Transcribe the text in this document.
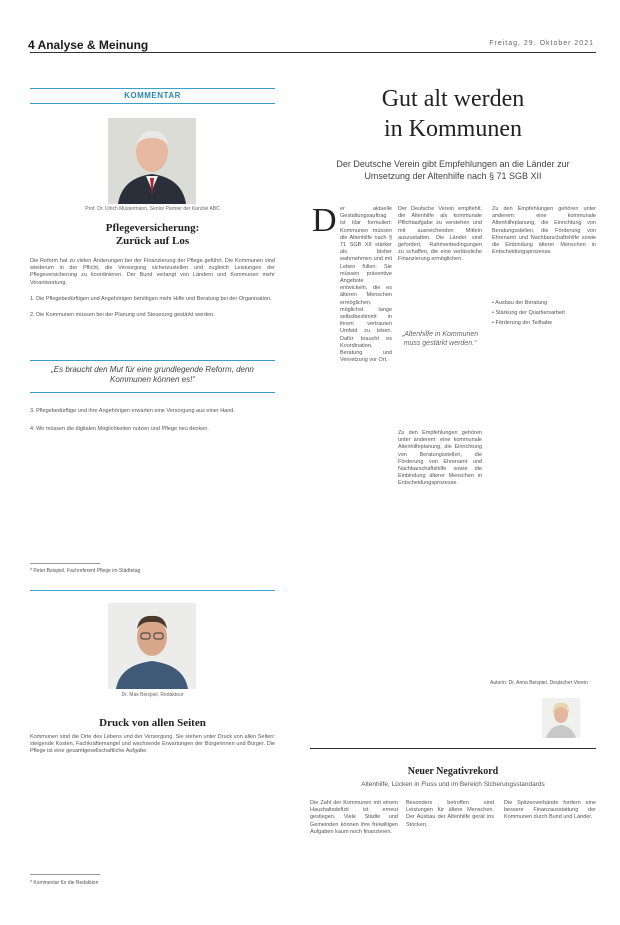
4 Analyse & Meinung	Freitag, 29. Oktober 2021
KOMMENTAR
Prof. Dr. Ulrich Mustermann, Senior Partner der Kanzlei ABC
Pflegeversicherung:
Zurück auf Los
Die Reform hat zu vielen Änderungen bei der Finanzierung der Pflege geführt. Die Kommunen sind wiederum in der Pflicht, die Versorgung sicherzustellen und zugleich Leistungen der Pflegeversicherung zu koordinieren. Der Bund verlangt von Ländern und Kommunen mehr Verantwortung.
1. Die Pflegebedürftigen und Angehörigen benötigen mehr Hilfe und Beratung bei der Organisation.
2. Die Kommunen müssen bei der Planung und Steuerung gestärkt werden.
„Es braucht den Mut für eine grundlegende Reform, denn Kommunen können es!“
3. Pflegebedürftige und ihre Angehörigen erwarten eine Versorgung aus einer Hand.
4. Wir müssen die digitalen Möglichkeiten nutzen und Pflege neu denken.
* Peter Beispiel, Fachreferent Pflege im Städtetag
Dr. Max Beispiel, Redakteur
Druck von allen Seiten
Kommunen sind die Orte des Lebens und der Versorgung. Sie stehen unter Druck von allen Seiten: steigende Kosten, Fachkräftemangel und wachsende Erwartungen der Bürgerinnen und Bürger. Die Pflege ist eine gesamtgesellschaftliche Aufgabe.
* Kommentar für die Redaktion
Gut alt werden
in Kommunen
Der Deutsche Verein gibt Empfehlungen an die Länder zur
Umsetzung der Altenhilfe nach § 71 SGB XII
D er aktuelle Gestaltungsauftrag ist klar formuliert: Kommunen müssen die Altenhilfe nach § 71 SGB XII stärker als bisher wahrnehmen und mit Leben füllen. Sie müssen präventive Angebote entwickeln, die es älteren Menschen ermöglichen, möglichst lange selbstbestimmt in ihrem vertrauten Umfeld zu leben. Dafür braucht es Koordination, Beratung und Vernetzung vor Ort.
Der Deutsche Verein empfiehlt, die Altenhilfe als kommunale Pflichtaufgabe zu verstehen und mit ausreichenden Mitteln auszustatten. Die Länder sind gefordert, Rahmenbedingungen zu schaffen, die eine verlässliche Finanzierung ermöglichen.
„Altenhilfe in Kommunen muss gestärkt werden.“
Zu den Empfehlungen gehören unter anderem: eine kommunale Altenhilfeplanung, die Einrichtung von Beratungsstellen, die Förderung von Ehrenamt und Nachbarschaftshilfe sowie die Einbindung älterer Menschen in Entscheidungsprozesse.
Zu den Empfehlungen gehören unter anderem: eine kommunale Altenhilfeplanung, die Einrichtung von Beratungsstellen, die Förderung von Ehrenamt und Nachbarschaftshilfe sowie die Einbindung älterer Menschen in Entscheidungsprozesse.
• Ausbau der Beratung
• Stärkung der Quartiersarbeit
• Förderung der Teilhabe
Autorin: Dr. Anna Beispiel, Deutscher Verein
Neuer Negativrekord
Altenhilfe, Lücken in Fluss und im Bereich Sicherungsstandards
Die Zahl der Kommunen mit einem Haushaltsdefizit ist erneut gestiegen. Viele Städte und Gemeinden können ihre freiwilligen Aufgaben kaum noch finanzieren.
Besonders betroffen sind Leistungen für ältere Menschen. Der Ausbau der Altenhilfe gerät ins Stocken.
Die Spitzenverbände fordern eine bessere Finanzausstattung der Kommunen durch Bund und Länder.
